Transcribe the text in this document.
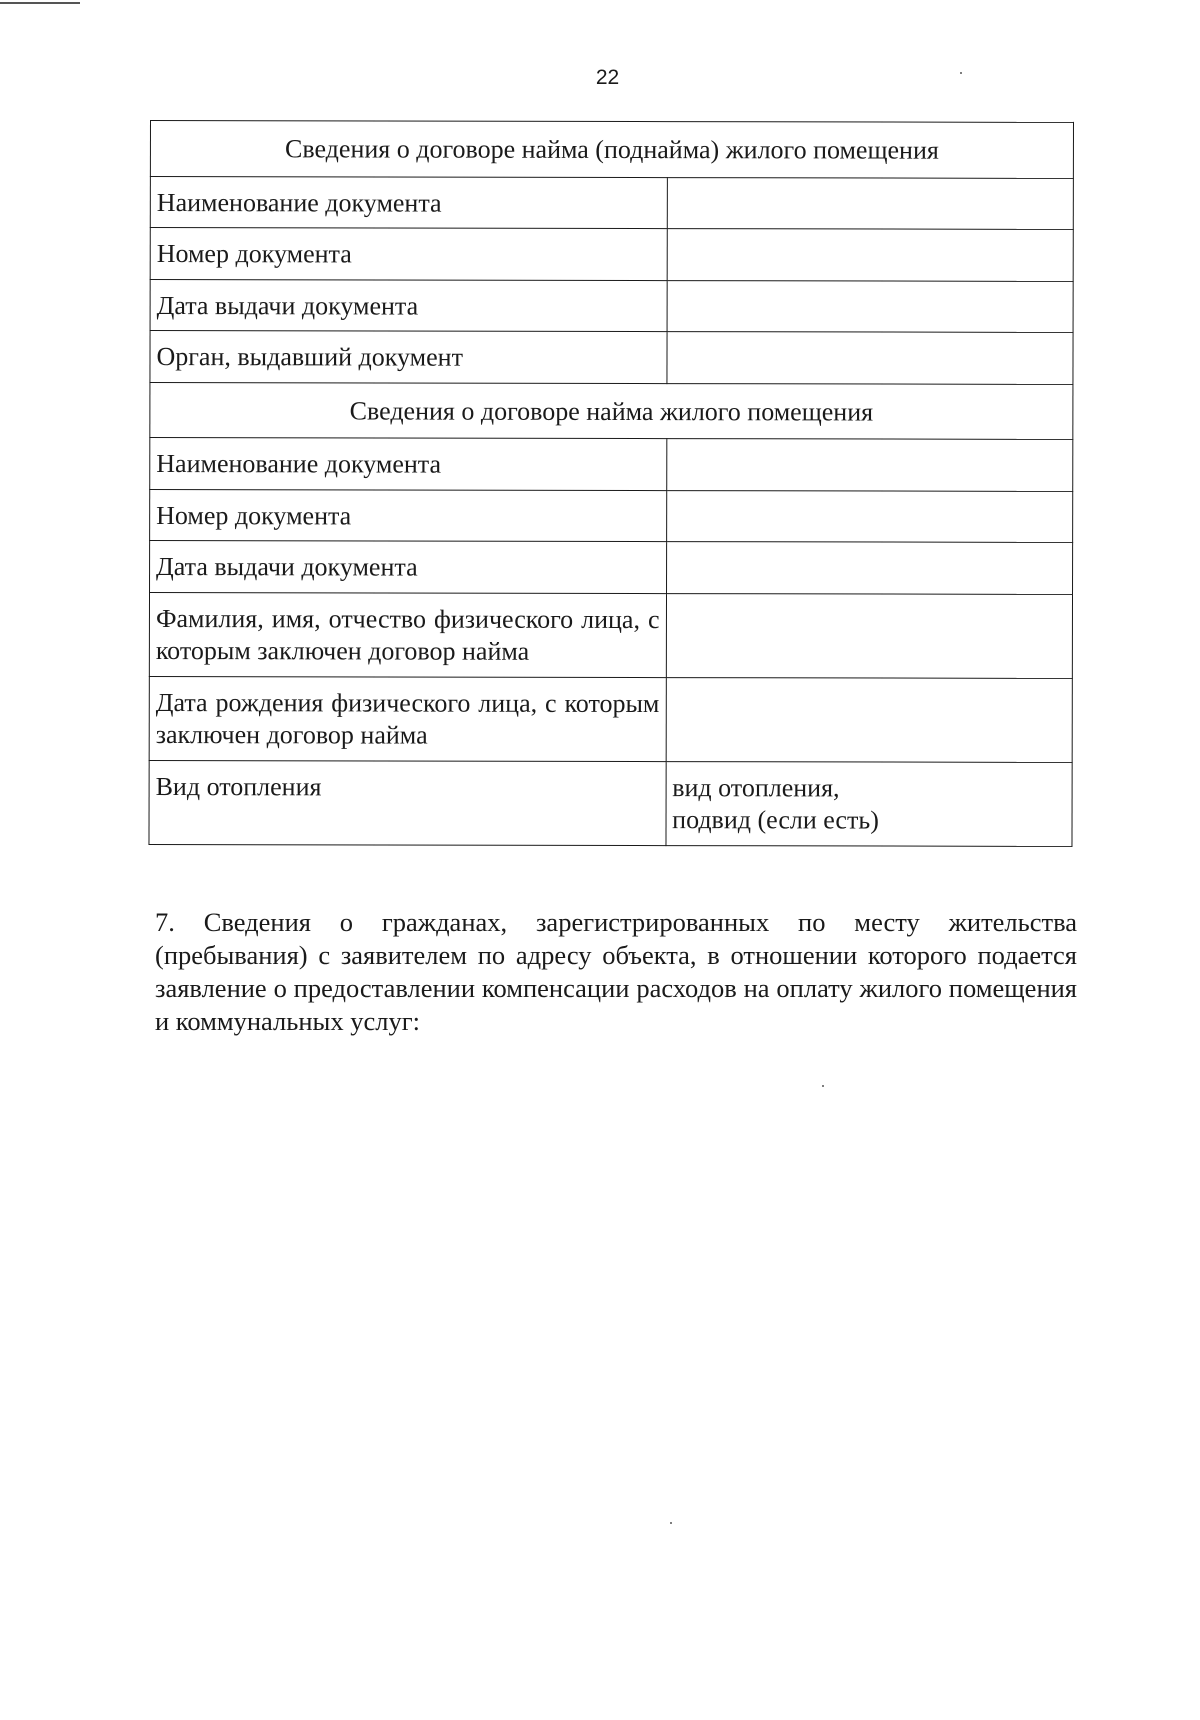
22
Сведения о договоре найма (поднайма) жилого помещения	
Наименование документа	
Номер документа	
Дата выдачи документа	
Орган, выдавший документ	
Сведения о договоре найма жилого помещения	
Наименование документа	
Номер документа	
Дата выдачи документа	
Фамилия, имя, отчество физического лица, с которым заключен договор найма	
Дата рождения физического лица, с которым заключен договор найма	
Вид отопления	вид отопления,
подвид (если есть)
7. Сведения о гражданах, зарегистрированных по месту жительства (пребывания) с заявителем по адресу объекта, в отношении которого подается заявление о предоставлении компенсации расходов на оплату жилого помещения и коммунальных услуг:
